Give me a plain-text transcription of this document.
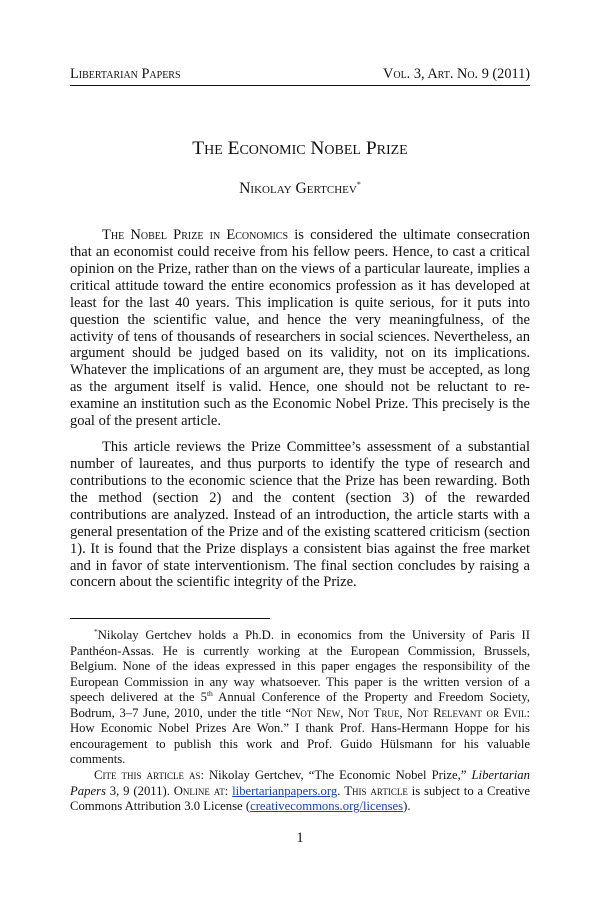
Libertarian Papers	Vol. 3, Art. No. 9 (2011)
The Economic Nobel Prize
Nikolay Gertchev*

The Nobel Prize in Economics is considered the ultimate consecration that an economist could receive from his fellow peers. Hence, to cast a critical opinion on the Prize, rather than on the views of a particular laureate, implies a critical attitude toward the entire economics profession as it has developed at least for the last 40 years. This implication is quite serious, for it puts into question the scientific value, and hence the very meaningfulness, of the activity of tens of thousands of researchers in social sciences. Nevertheless, an argument should be judged based on its validity, not on its implications. Whatever the implications of an argument are, they must be accepted, as long as the argument itself is valid. Hence, one should not be reluctant to re-examine an institution such as the Economic Nobel Prize. This precisely is the goal of the present article.

This article reviews the Prize Committee’s assessment of a substantial number of laureates, and thus purports to identify the type of research and contributions to the economic science that the Prize has been rewarding. Both the method (section 2) and the content (section 3) of the rewarded contributions are analyzed. Instead of an introduction, the article starts with a general presentation of the Prize and of the existing scattered criticism (section 1). It is found that the Prize displays a consistent bias against the free market and in favor of state interventionism. The final section concludes by raising a concern about the scientific integrity of the Prize.

*Nikolay Gertchev holds a Ph.D. in economics from the University of Paris II Panthéon-Assas. He is currently working at the European Commission, Brussels, Belgium. None of the ideas expressed in this paper engages the responsibility of the European Commission in any way whatsoever. This paper is the written version of a speech delivered at the 5th Annual Conference of the Property and Freedom Society, Bodrum, 3–7 June, 2010, under the title “Not New, Not True, Not Relevant or Evil: How Economic Nobel Prizes Are Won.” I thank Prof. Hans-Hermann Hoppe for his encouragement to publish this work and Prof. Guido Hülsmann for his valuable comments.

Cite this article as: Nikolay Gertchev, “The Economic Nobel Prize,” Libertarian Papers 3, 9 (2011). Online at: libertarianpapers.org. This article is subject to a Creative Commons Attribution 3.0 License (creativecommons.org/licenses).

1
